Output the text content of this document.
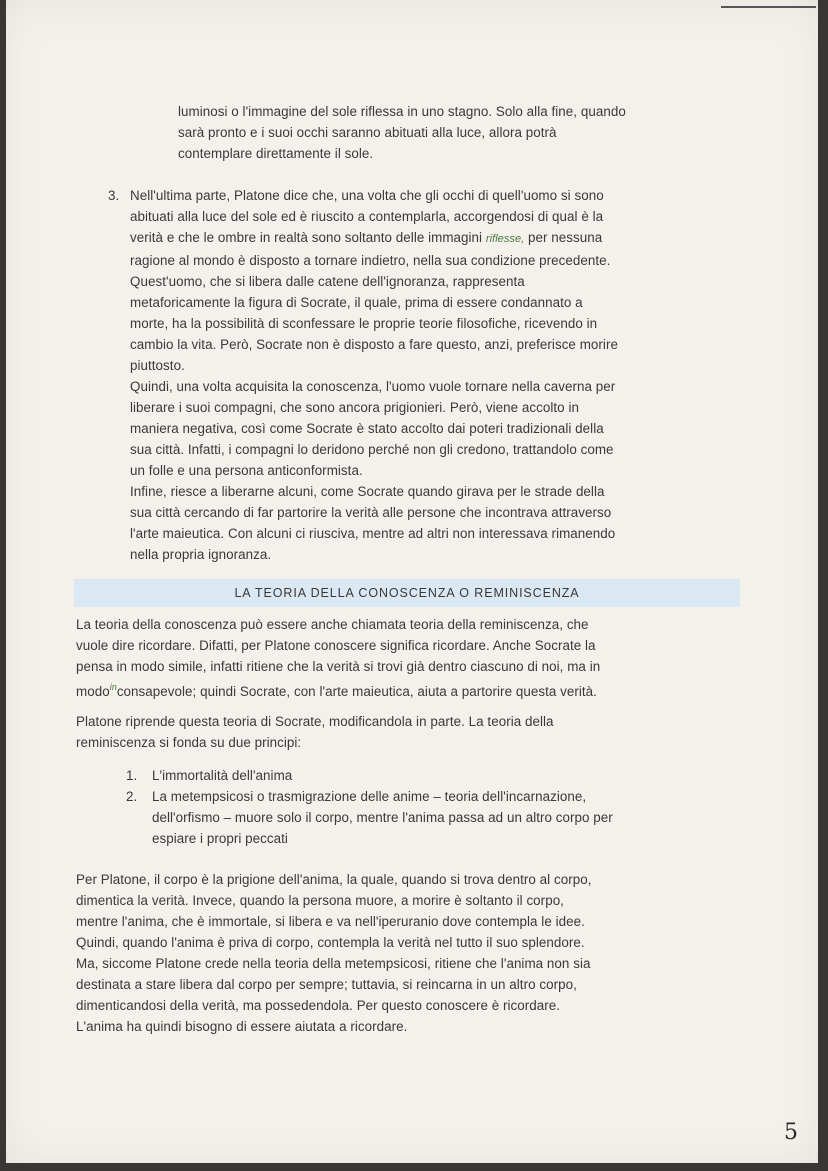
luminosi o l'immagine del sole riflessa in uno stagno. Solo alla fine, quando

sarà pronto e i suoi occhi saranno abituati alla luce, allora potrà

contemplare direttamente il sole.

3. Nell'ultima parte, Platone dice che, una volta che gli occhi di quell'uomo si sono

abituati alla luce del sole ed è riuscito a contemplarla, accorgendosi di qual è la

verità e che le ombre in realtà sono soltanto delle immagini riflesse, per nessuna

ragione al mondo è disposto a tornare indietro, nella sua condizione precedente.

Quest'uomo, che si libera dalle catene dell'ignoranza, rappresenta

metaforicamente la figura di Socrate, il quale, prima di essere condannato a

morte, ha la possibilità di sconfessare le proprie teorie filosofiche, ricevendo in

cambio la vita. Però, Socrate non è disposto a fare questo, anzi, preferisce morire

piuttosto.

Quindi, una volta acquisita la conoscenza, l'uomo vuole tornare nella caverna per

liberare i suoi compagni, che sono ancora prigionieri. Però, viene accolto in

maniera negativa, così come Socrate è stato accolto dai poteri tradizionali della

sua città. Infatti, i compagni lo deridono perché non gli credono, trattandolo come

un folle e una persona anticonformista.

Infine, riesce a liberarne alcuni, come Socrate quando girava per le strade della

sua città cercando di far partorire la verità alle persone che incontrava attraverso

l'arte maieutica. Con alcuni ci riusciva, mentre ad altri non interessava rimanendo

nella propria ignoranza.

LA TEORIA DELLA CONOSCENZA O REMINISCENZA

La teoria della conoscenza può essere anche chiamata teoria della reminiscenza, che

vuole dire ricordare. Difatti, per Platone conoscere significa ricordare. Anche Socrate la

pensa in modo simile, infatti ritiene che la verità si trovi già dentro ciascuno di noi, ma in

modo$^{in}$consapevole; quindi Socrate, con l'arte maieutica, aiuta a partorire questa verità.

Platone riprende questa teoria di Socrate, modificandola in parte. La teoria della

reminiscenza si fonda su due principi:

1. L'immortalità dell'anima

2. La metempsicosi o trasmigrazione delle anime – teoria dell'incarnazione,

dell'orfismo – muore solo il corpo, mentre l'anima passa ad un altro corpo per

espiare i propri peccati

Per Platone, il corpo è la prigione dell'anima, la quale, quando si trova dentro al corpo,

dimentica la verità. Invece, quando la persona muore, a morire è soltanto il corpo,

mentre l'anima, che è immortale, si libera e va nell'iperuranio dove contempla le idee.

Quindi, quando l'anima è priva di corpo, contempla la verità nel tutto il suo splendore.

Ma, siccome Platone crede nella teoria della metempsicosi, ritiene che l'anima non sia

destinata a stare libera dal corpo per sempre; tuttavia, si reincarna in un altro corpo,

dimenticandosi della verità, ma possedendola. Per questo conoscere è ricordare.

L'anima ha quindi bisogno di essere aiutata a ricordare.

5
